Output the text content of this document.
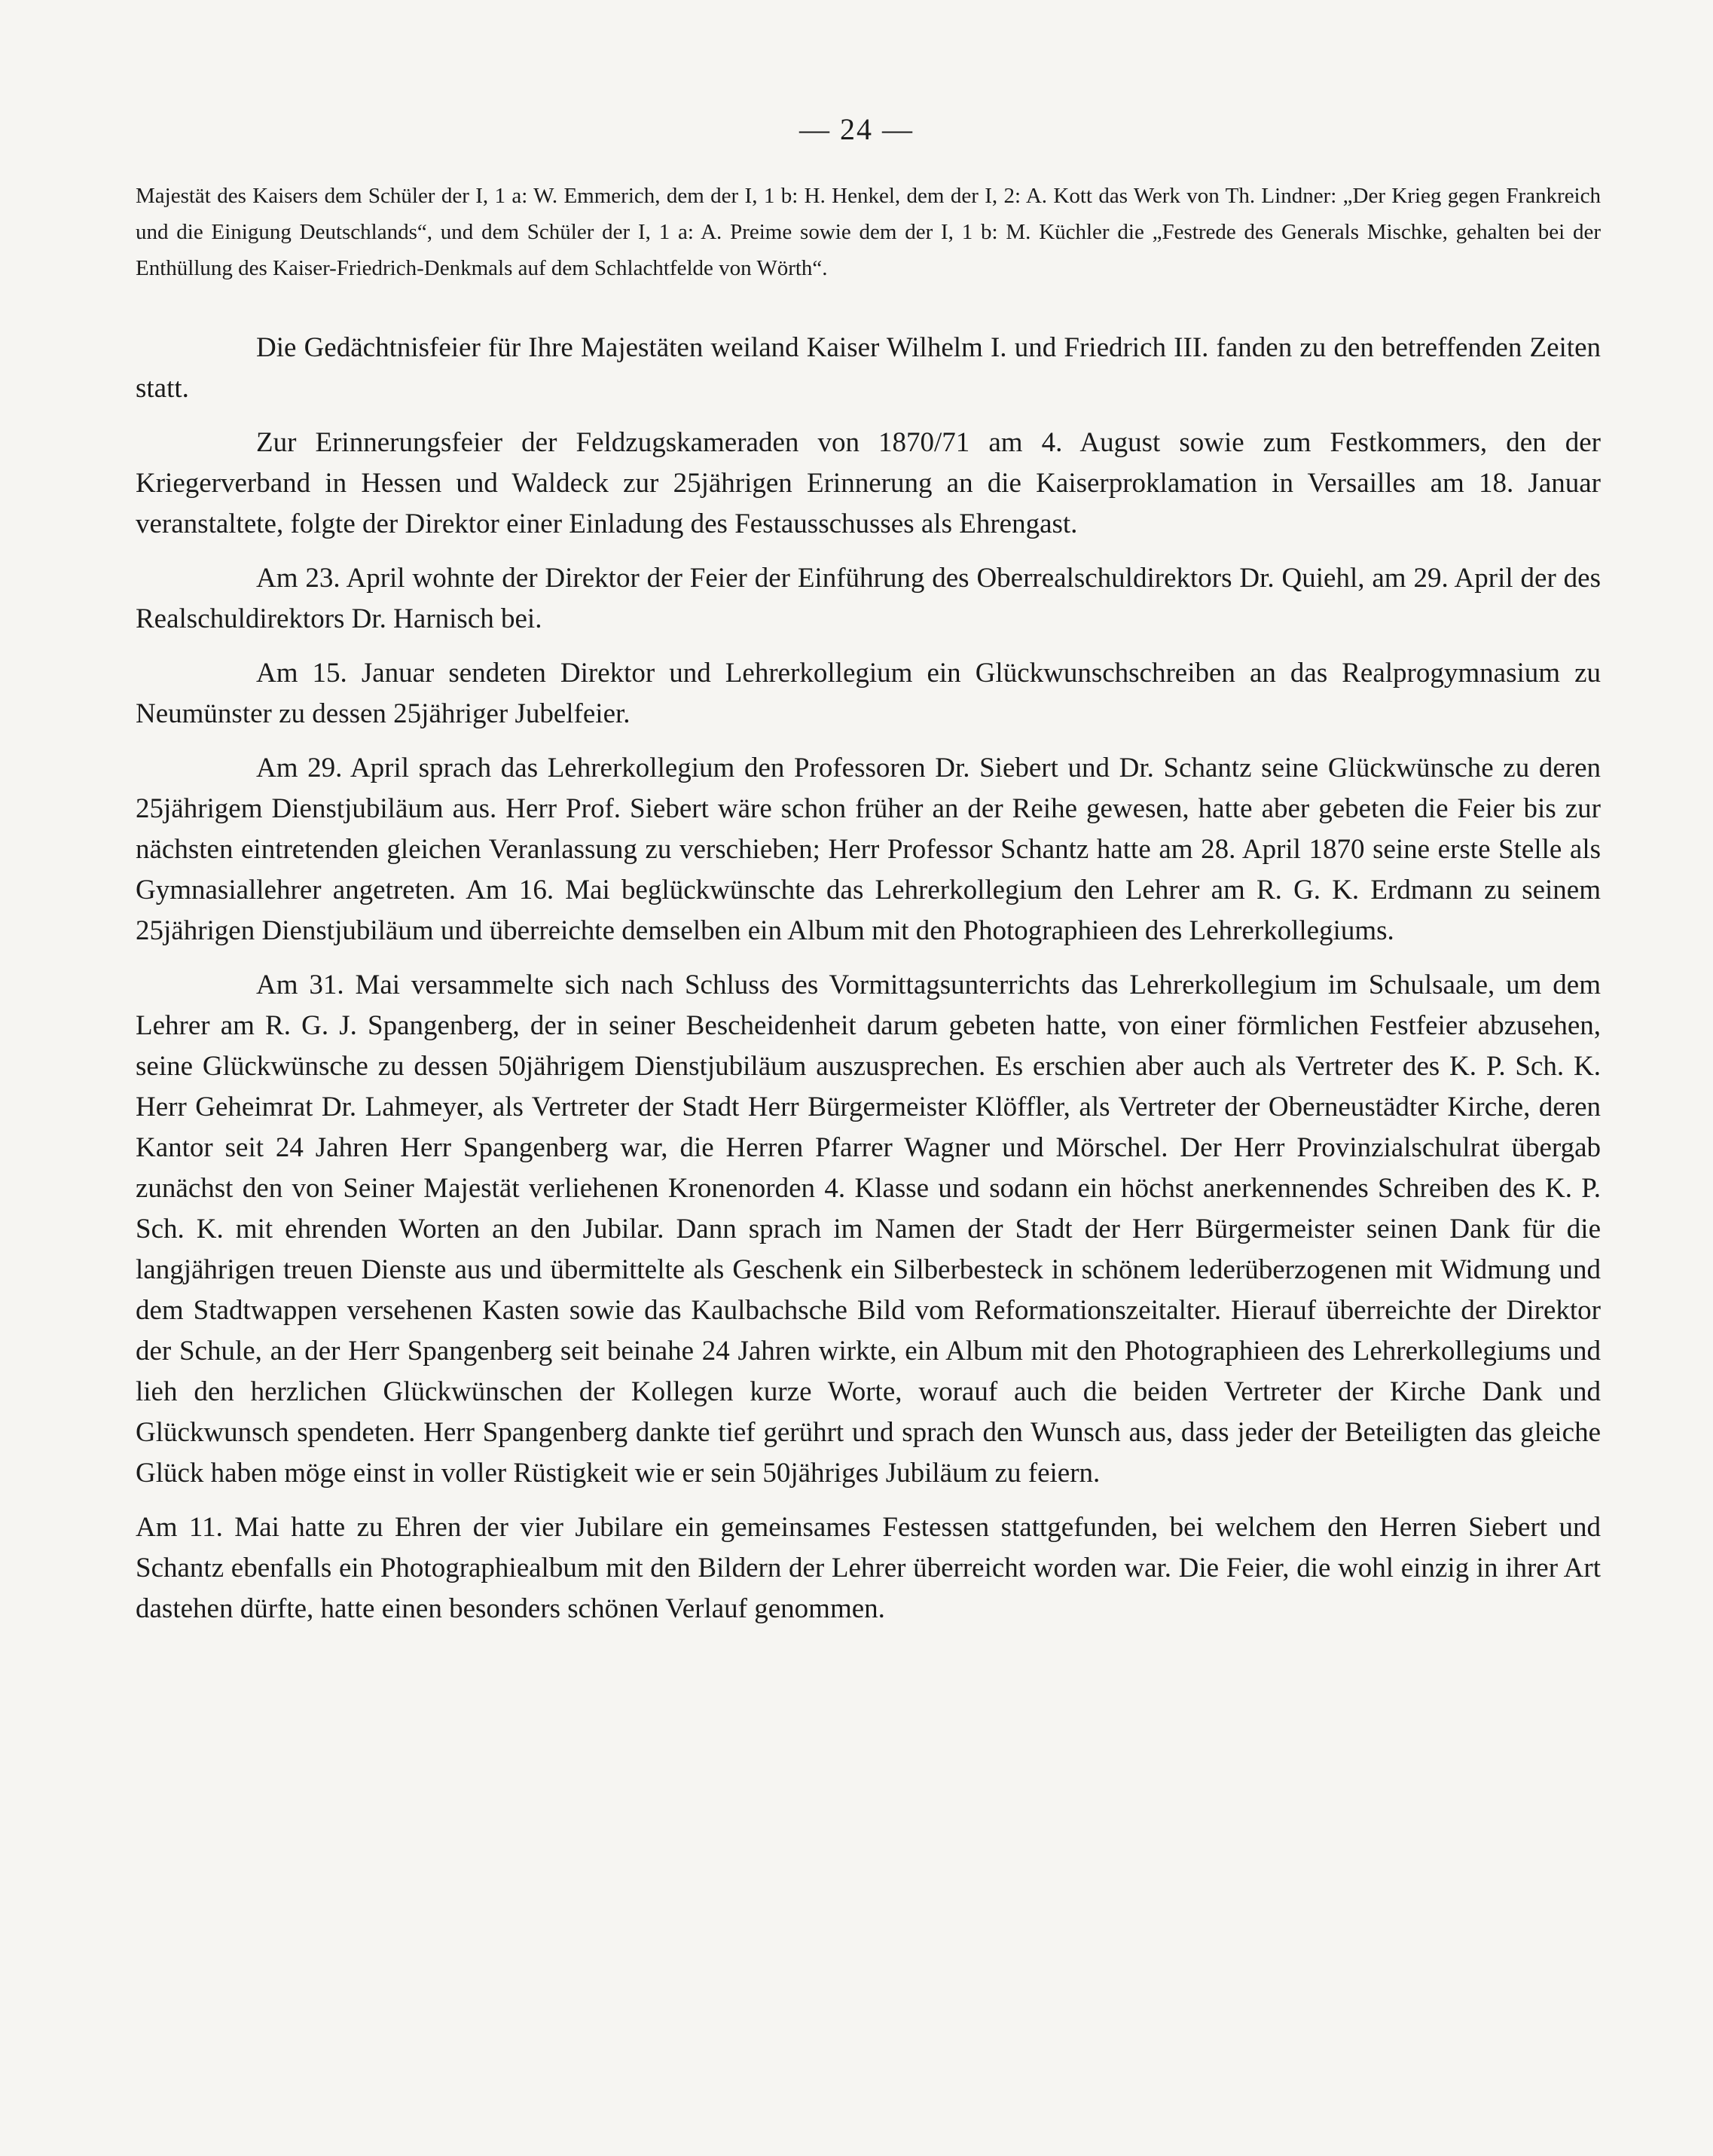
— 24 —
Majestät des Kaisers dem Schüler der I, 1 a: W. Emmerich, dem der I, 1 b: H. Henkel, dem der I, 2: A. Kott das Werk von Th. Lindner: „Der Krieg gegen Frankreich und die Einigung Deutschlands“, und dem Schüler der I, 1 a: A. Preime sowie dem der I, 1 b: M. Küchler die „Festrede des Generals Mischke, gehalten bei der Enthüllung des Kaiser-Friedrich-Denkmals auf dem Schlachtfelde von Wörth“.

Die Gedächtnisfeier für Ihre Majestäten weiland Kaiser Wilhelm I. und Friedrich III. fanden zu den betreffenden Zeiten statt.

Zur Erinnerungsfeier der Feldzugskameraden von 1870/71 am 4. August sowie zum Festkommers, den der Kriegerverband in Hessen und Waldeck zur 25jährigen Erinnerung an die Kaiserproklamation in Versailles am 18. Januar veranstaltete, folgte der Direktor einer Einladung des Festausschusses als Ehrengast.

Am 23. April wohnte der Direktor der Feier der Einführung des Oberrealschuldirektors Dr. Quiehl, am 29. April der des Realschuldirektors Dr. Harnisch bei.

Am 15. Januar sendeten Direktor und Lehrerkollegium ein Glückwunschschreiben an das Realprogymnasium zu Neumünster zu dessen 25jähriger Jubelfeier.

Am 29. April sprach das Lehrerkollegium den Professoren Dr. Siebert und Dr. Schantz seine Glückwünsche zu deren 25jährigem Dienstjubiläum aus. Herr Prof. Siebert wäre schon früher an der Reihe gewesen, hatte aber gebeten die Feier bis zur nächsten eintretenden gleichen Veranlassung zu verschieben; Herr Professor Schantz hatte am 28. April 1870 seine erste Stelle als Gymnasiallehrer angetreten. Am 16. Mai beglückwünschte das Lehrerkollegium den Lehrer am R. G. K. Erdmann zu seinem 25jährigen Dienstjubiläum und überreichte demselben ein Album mit den Photographieen des Lehrerkollegiums.

Am 31. Mai versammelte sich nach Schluss des Vormittagsunterrichts das Lehrerkollegium im Schulsaale, um dem Lehrer am R. G. J. Spangenberg, der in seiner Bescheidenheit darum gebeten hatte, von einer förmlichen Festfeier abzusehen, seine Glückwünsche zu dessen 50jährigem Dienstjubiläum auszusprechen. Es erschien aber auch als Vertreter des K. P. Sch. K. Herr Geheimrat Dr. Lahmeyer, als Vertreter der Stadt Herr Bürgermeister Klöffler, als Vertreter der Oberneustädter Kirche, deren Kantor seit 24 Jahren Herr Spangenberg war, die Herren Pfarrer Wagner und Mörschel. Der Herr Provinzialschulrat übergab zunächst den von Seiner Majestät verliehenen Kronenorden 4. Klasse und sodann ein höchst anerkennendes Schreiben des K. P. Sch. K. mit ehrenden Worten an den Jubilar. Dann sprach im Namen der Stadt der Herr Bürgermeister seinen Dank für die langjährigen treuen Dienste aus und übermittelte als Geschenk ein Silberbesteck in schönem lederüberzogenen mit Widmung und dem Stadtwappen versehenen Kasten sowie das Kaulbachsche Bild vom Reformationszeitalter. Hierauf überreichte der Direktor der Schule, an der Herr Spangenberg seit beinahe 24 Jahren wirkte, ein Album mit den Photographieen des Lehrerkollegiums und lieh den herzlichen Glückwünschen der Kollegen kurze Worte, worauf auch die beiden Vertreter der Kirche Dank und Glückwunsch spendeten. Herr Spangenberg dankte tief gerührt und sprach den Wunsch aus, dass jeder der Beteiligten das gleiche Glück haben möge einst in voller Rüstigkeit wie er sein 50jähriges Jubiläum zu feiern.

Am 11. Mai hatte zu Ehren der vier Jubilare ein gemeinsames Festessen stattgefunden, bei welchem den Herren Siebert und Schantz ebenfalls ein Photographiealbum mit den Bildern der Lehrer überreicht worden war. Die Feier, die wohl einzig in ihrer Art dastehen dürfte, hatte einen besonders schönen Verlauf genommen.
